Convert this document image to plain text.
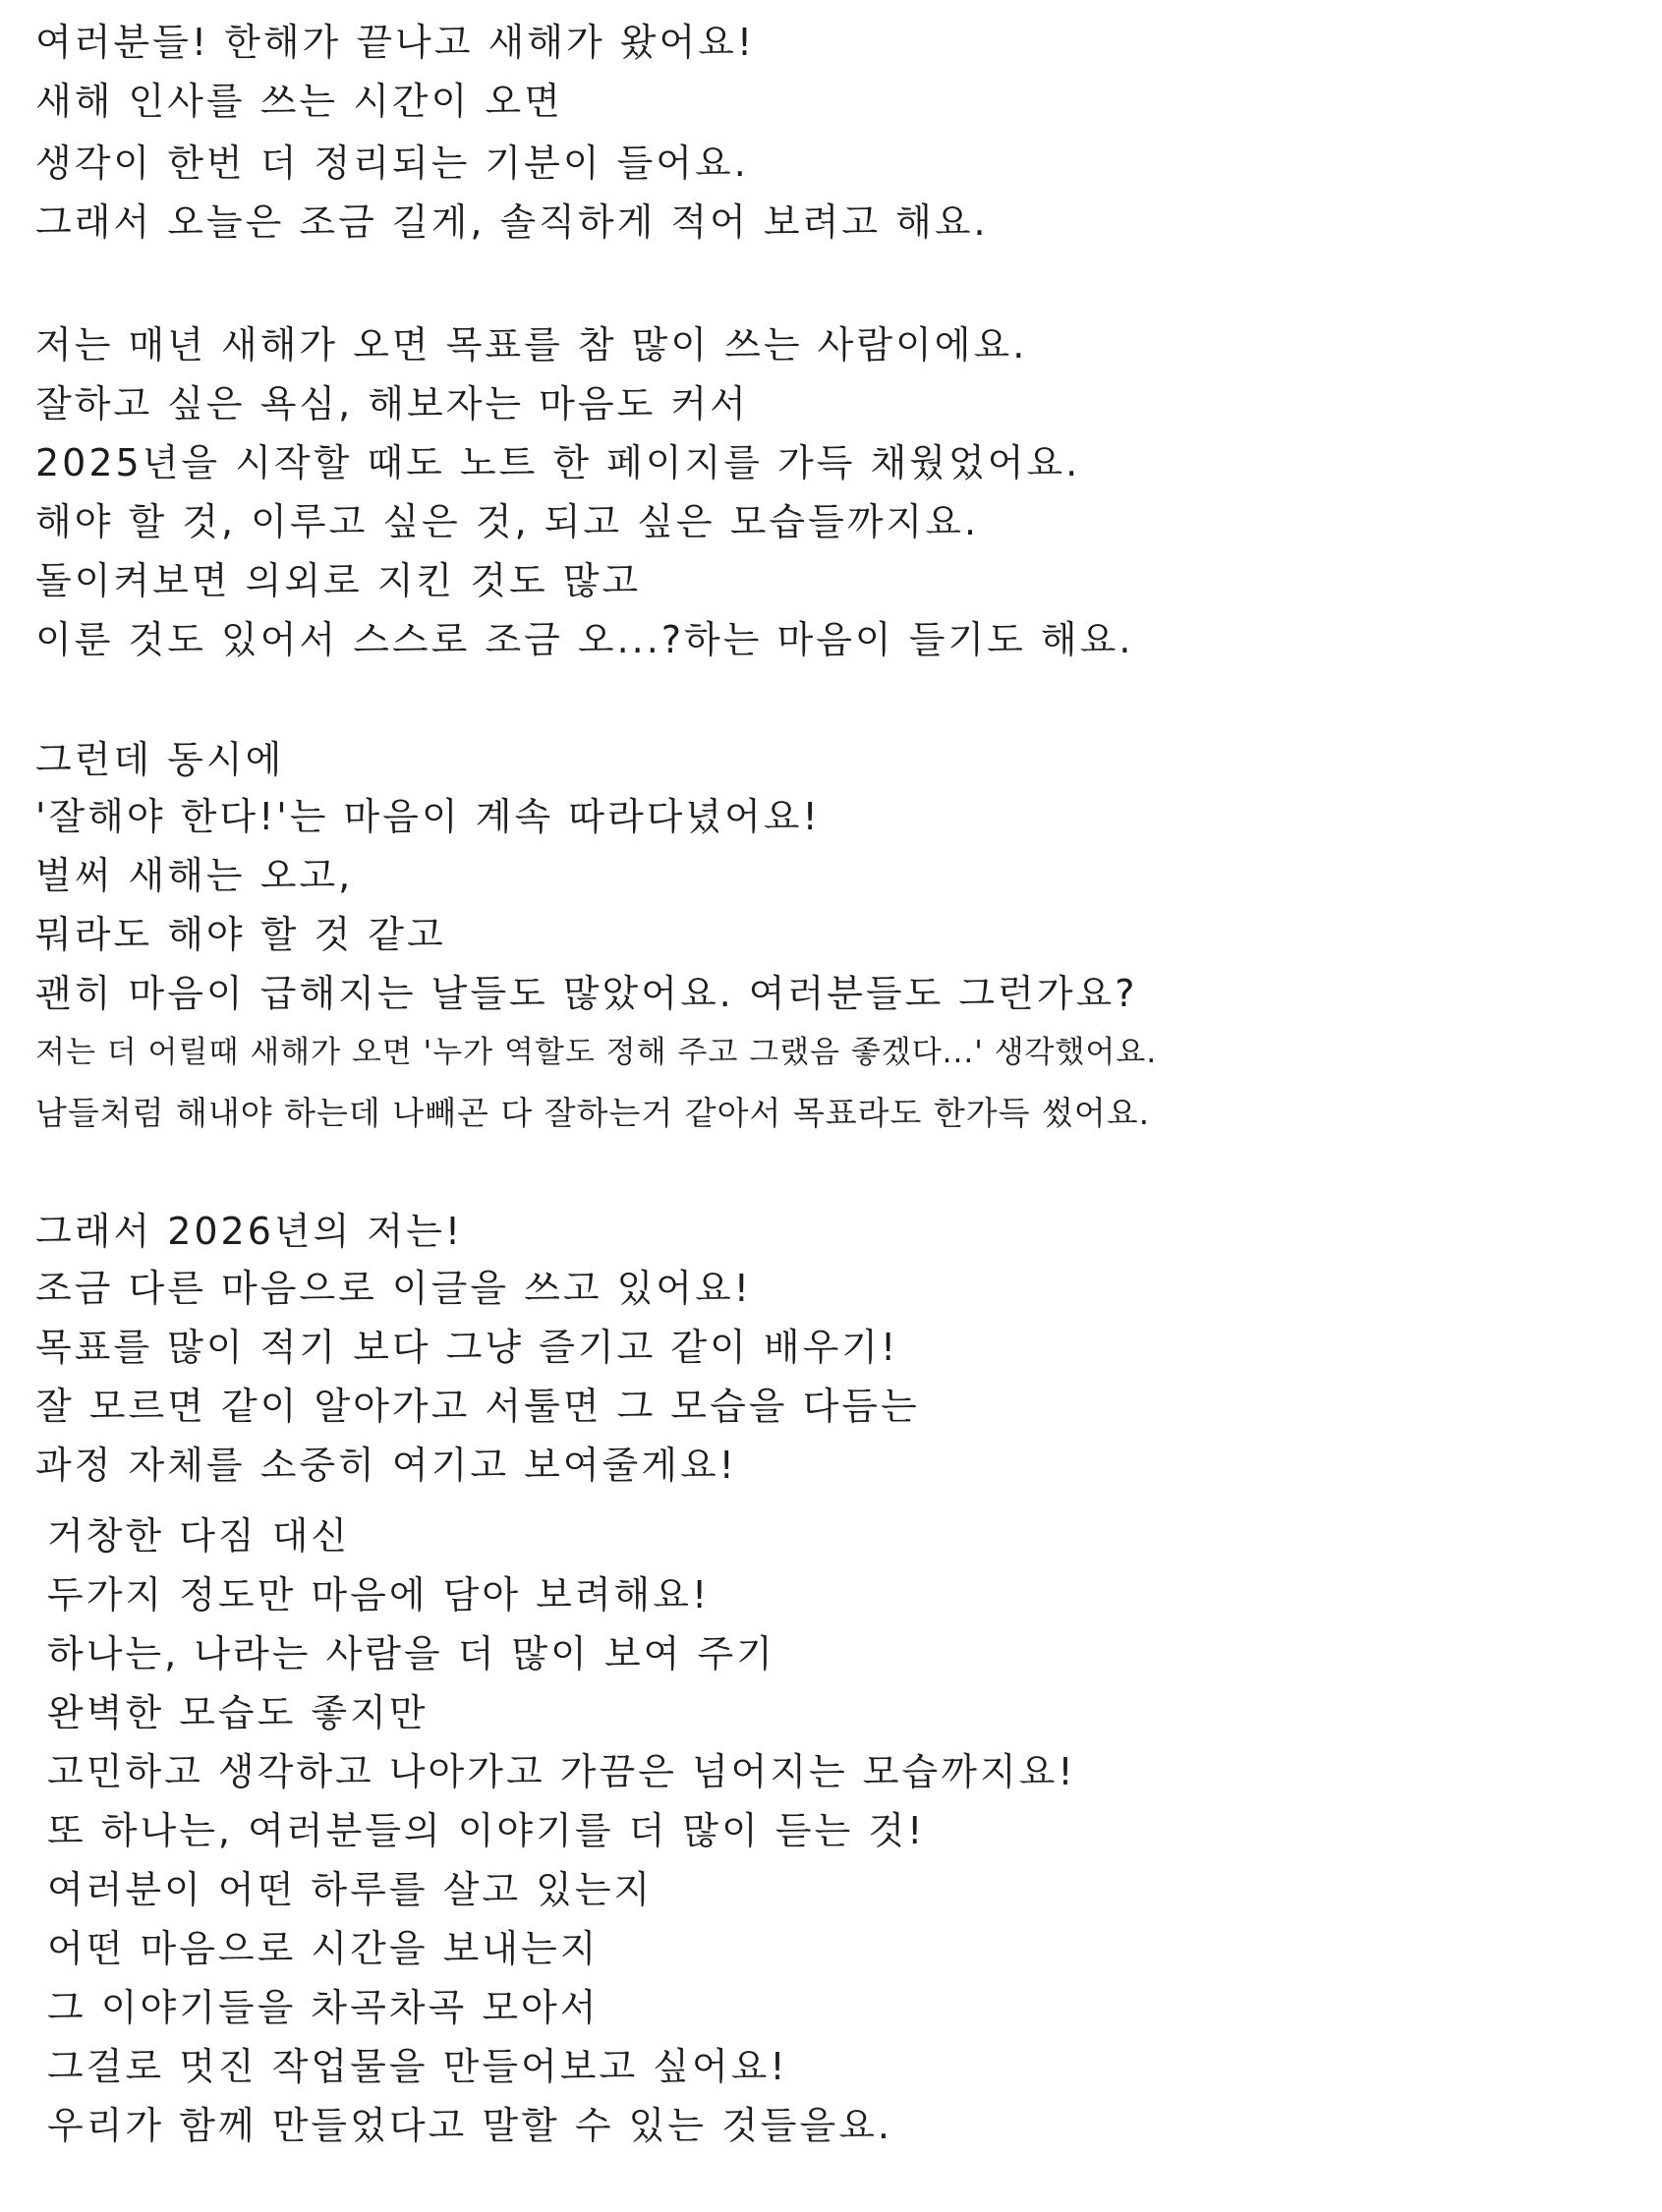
여러분들! 한해가 끝나고 새해가 왔어요!
새해 인사를 쓰는 시간이 오면
생각이 한번 더 정리되는 기분이 들어요.
그래서 오늘은 조금 길게, 솔직하게 적어 보려고 해요.
저는 매년 새해가 오면 목표를 참 많이 쓰는 사람이에요.
잘하고 싶은 욕심, 해보자는 마음도 커서
2025년을 시작할 때도 노트 한 페이지를 가득 채웠었어요.
해야 할 것, 이루고 싶은 것, 되고 싶은 모습들까지요.
돌이켜보면 의외로 지킨 것도 많고
이룬 것도 있어서 스스로 조금 오...?하는 마음이 들기도 해요.
그런데 동시에
'잘해야 한다!'는 마음이 계속 따라다녔어요!
벌써 새해는 오고,
뭐라도 해야 할 것 같고
괜히 마음이 급해지는 날들도 많았어요. 여러분들도 그런가요?
저는 더 어릴때 새해가 오면 '누가 역할도 정해 주고 그랬음 좋겠다...' 생각했어요.
남들처럼 해내야 하는데 나빼곤 다 잘하는거 같아서 목표라도 한가득 썼어요.
그래서 2026년의 저는!
조금 다른 마음으로 이글을 쓰고 있어요!
목표를 많이 적기 보다 그냥 즐기고 같이 배우기!
잘 모르면 같이 알아가고 서툴면 그 모습을 다듬는
과정 자체를 소중히 여기고 보여줄게요!
거창한 다짐 대신
두가지 정도만 마음에 담아 보려해요!
하나는, 나라는 사람을 더 많이 보여 주기
완벽한 모습도 좋지만
고민하고 생각하고 나아가고 가끔은 넘어지는 모습까지요!
또 하나는, 여러분들의 이야기를 더 많이 듣는 것!
여러분이 어떤 하루를 살고 있는지
어떤 마음으로 시간을 보내는지
그 이야기들을 차곡차곡 모아서
그걸로 멋진 작업물을 만들어보고 싶어요!
우리가 함께 만들었다고 말할 수 있는 것들을요.
